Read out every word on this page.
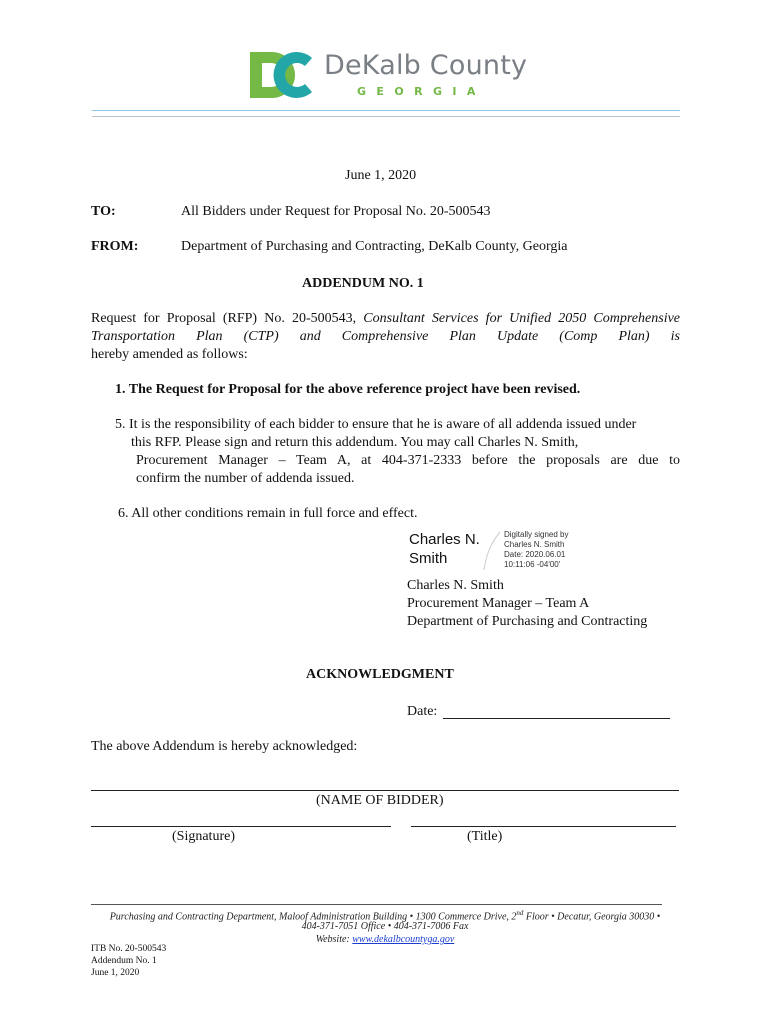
DeKalb County
GEORGIA
June 1, 2020
TO:	All Bidders under Request for Proposal No. 20-500543
FROM:	Department of Purchasing and Contracting, DeKalb County, Georgia
ADDENDUM NO. 1
Request for Proposal (RFP) No. 20-500543, Consultant Services for Unified 2050 Comprehensive Transportation Plan (CTP) and Comprehensive Plan Update (Comp Plan) is
hereby amended as follows:
1. The Request for Proposal for the above reference project have been revised.
5. It is the responsibility of each bidder to ensure that he is aware of all addenda issued under
this RFP. Please sign and return this addendum. You may call Charles N. Smith,
Procurement Manager – Team A, at 404-371-2333 before the proposals are due to
confirm the number of addenda issued.
6. All other conditions remain in full force and effect.
Charles N.
Smith
Digitally signed by
Charles N. Smith
Date: 2020.06.01
10:11:06 -04'00'
Charles N. Smith
Procurement Manager – Team A
Department of Purchasing and Contracting
ACKNOWLEDGMENT
Date:
The above Addendum is hereby acknowledged:
(NAME OF BIDDER)
(Signature)	(Title)
Purchasing and Contracting Department, Maloof Administration Building • 1300 Commerce Drive, 2nd Floor • Decatur, Georgia 30030 •
404-371-7051 Office • 404-371-7006 Fax
Website: www.dekalbcountyga.gov
ITB No. 20-500543
Addendum No. 1
June 1, 2020
